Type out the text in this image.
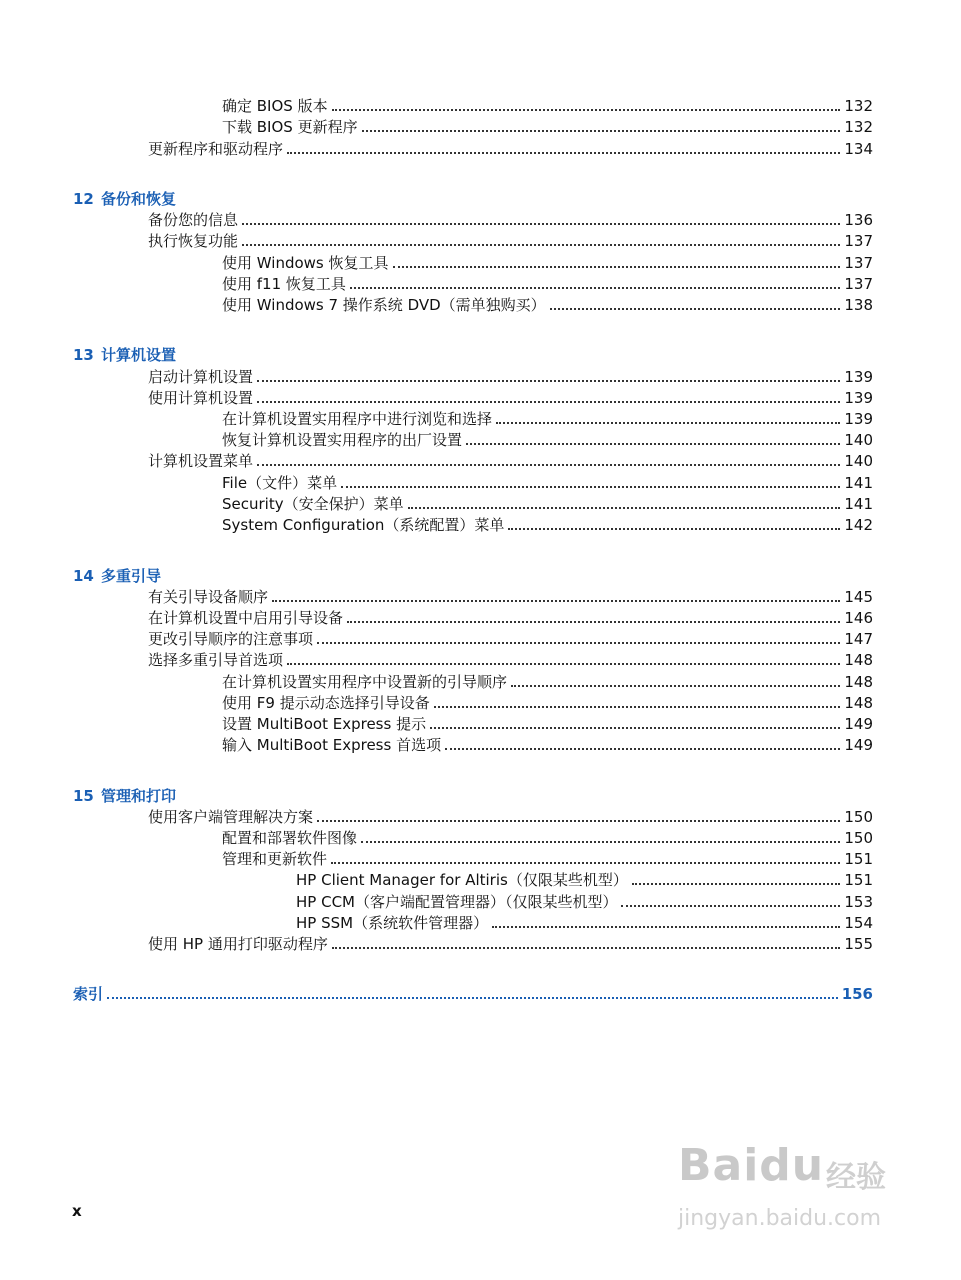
确定 BIOS 版本	132
下载 BIOS 更新程序	132
更新程序和驱动程序	134
12 备份和恢复
备份您的信息	136
执行恢复功能	137
使用 Windows 恢复工具	137
使用 f11 恢复工具	137
使用 Windows 7 操作系统 DVD（需单独购买）	138
13 计算机设置
启动计算机设置	139
使用计算机设置	139
在计算机设置实用程序中进行浏览和选择	139
恢复计算机设置实用程序的出厂设置	140
计算机设置菜单	140
File（文件）菜单	141
Security（安全保护）菜单	141
System Configuration（系统配置）菜单	142
14 多重引导
有关引导设备顺序	145
在计算机设置中启用引导设备	146
更改引导顺序的注意事项	147
选择多重引导首选项	148
在计算机设置实用程序中设置新的引导顺序	148
使用 F9 提示动态选择引导设备	148
设置 MultiBoot Express 提示	149
输入 MultiBoot Express 首选项	149
15 管理和打印
使用客户端管理解决方案	150
配置和部署软件图像	150
管理和更新软件	151
HP Client Manager for Altiris（仅限某些机型）	151
HP CCM（客户端配置管理器）（仅限某些机型）	153
HP SSM（系统软件管理器）	154
使用 HP 通用打印驱动程序	155
索引	156
x
Baidu 经验
jingyan.baidu.com
